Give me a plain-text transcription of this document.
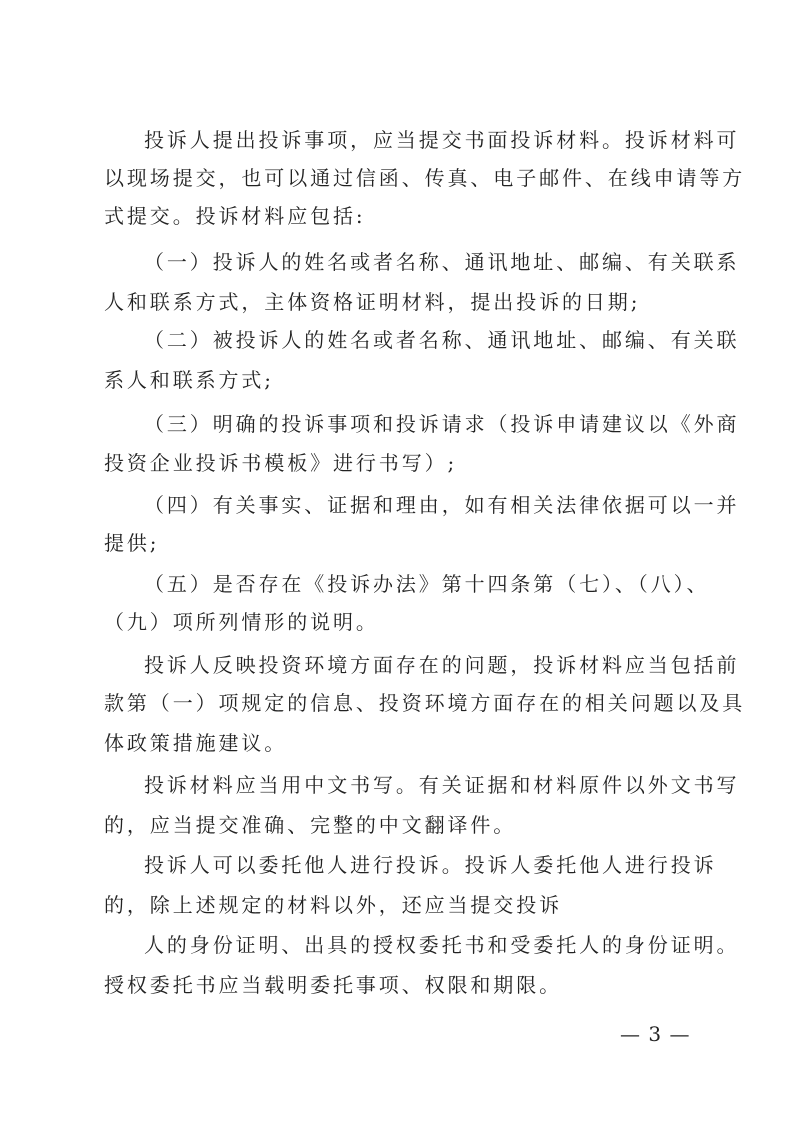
投诉人提出投诉事项，应当提交书面投诉材料。投诉材料可
以现场提交，也可以通过信函、传真、电子邮件、在线申请等方
式提交。投诉材料应包括:
（一）投诉人的姓名或者名称、通讯地址、邮编、有关联系
人和联系方式，主体资格证明材料，提出投诉的日期;
（二）被投诉人的姓名或者名称、通讯地址、邮编、有关联
系人和联系方式;
（三）明确的投诉事项和投诉请求（投诉申请建议以《外商
投资企业投诉书模板》进行书写）;
（四）有关事实、证据和理由，如有相关法律依据可以一并
提供;
（五）是否存在《投诉办法》第十四条第（七）、（八）、
（九）项所列情形的说明。
投诉人反映投资环境方面存在的问题，投诉材料应当包括前
款第（一）项规定的信息、投资环境方面存在的相关问题以及具
体政策措施建议。
投诉材料应当用中文书写。有关证据和材料原件以外文书写
的，应当提交准确、完整的中文翻译件。
投诉人可以委托他人进行投诉。投诉人委托他人进行投诉
的，除上述规定的材料以外，还应当提交投诉
人的身份证明、出具的授权委托书和受委托人的身份证明。
授权委托书应当载明委托事项、权限和期限。
— 3 —
